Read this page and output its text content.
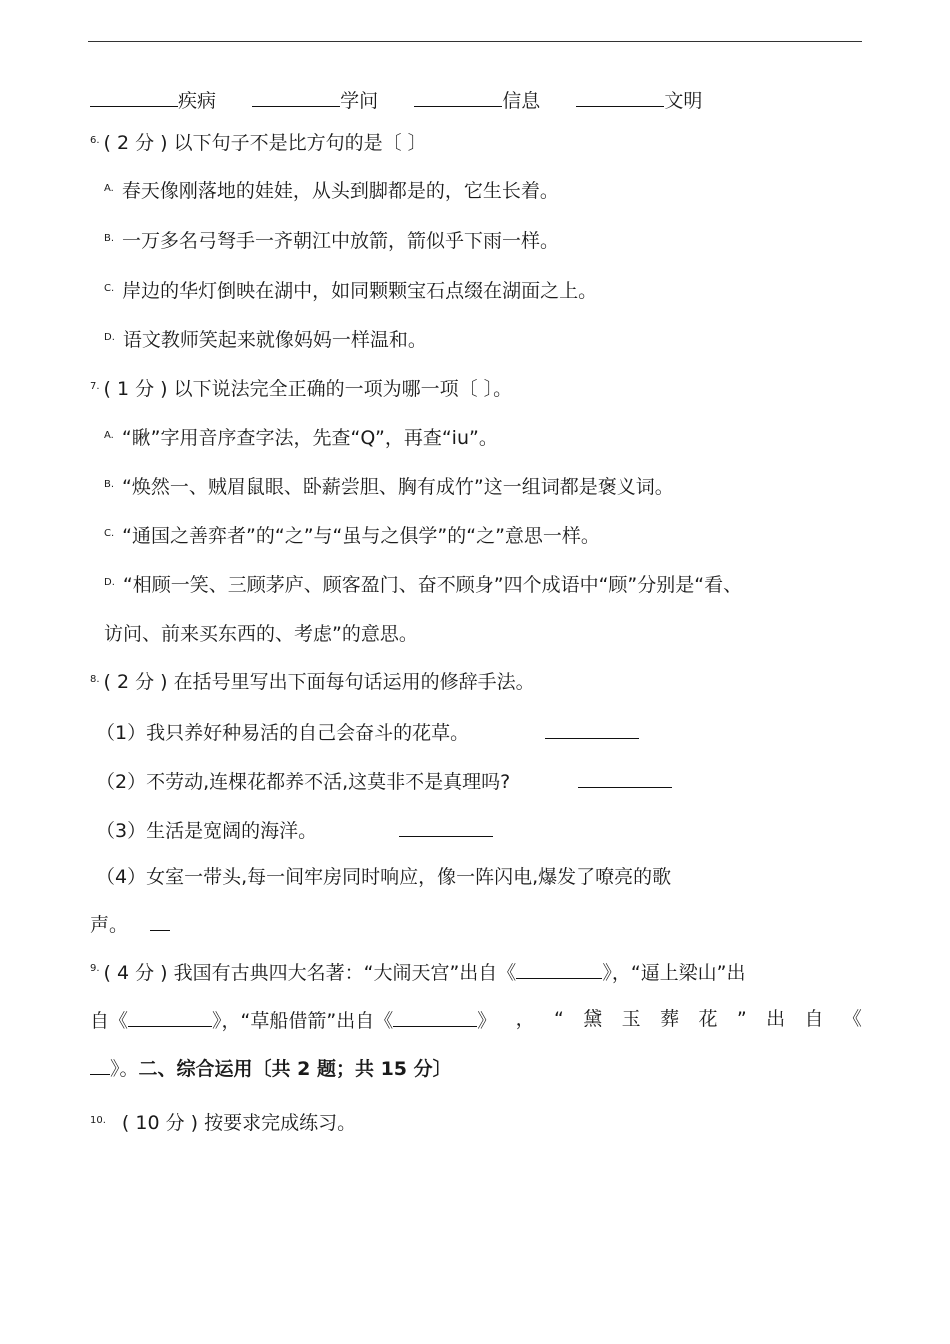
疾病	学问	信息	文明
$^{6.}$ ( 2 分 ) 以下句子不是比方句的是〔 〕
$^{A.}$ 春天像刚落地的娃娃，从头到脚都是的，它生长着。
$^{B.}$ 一万多名弓弩手一齐朝江中放箭，箭似乎下雨一样。
$^{C.}$ 岸边的华灯倒映在湖中，如同颗颗宝石点缀在湖面之上。
$^{D.}$ 语文教师笑起来就像妈妈一样温和。
$^{7.}$ ( 1 分 ) 以下说法完全正确的一项为哪一项〔 〕。
$^{A.}$ “瞅”字用音序查字法，先查“Q”，再查“iu”。
$^{B.}$ “焕然一、贼眉鼠眼、卧薪尝胆、胸有成竹”这一组词都是褒义词。
$^{C.}$ “通国之善弈者”的“之”与“虽与之俱学”的“之”意思一样。
$^{D.}$ “相顾一笑、三顾茅庐、顾客盈门、奋不顾身”四个成语中“顾”分别是“看、
访问、前来买东西的、考虑”的意思。
$^{8.}$ ( 2 分 ) 在括号里写出下面每句话运用的修辞手法。
（1）我只养好种易活的自己会奋斗的花草。
（2）不劳动,连棵花都养不活,这莫非不是真理吗?
（3）生活是宽阔的海洋。
（4）女室一带头,每一间牢房同时响应，像一阵闪电,爆发了嘹亮的歌
声。
$^{9.}$ ( 4 分 ) 我国有古典四大名著：“大闹天宫”出自《	》，“逼上梁山”出
自《	》，“草船借箭”出自《	》 ， “ 黛 玉 葬 花 ” 出 自 《
》。二、综合运用〔共 2 题；共 15 分〕
$^{10.}$ ( 10 分 ) 按要求完成练习。
